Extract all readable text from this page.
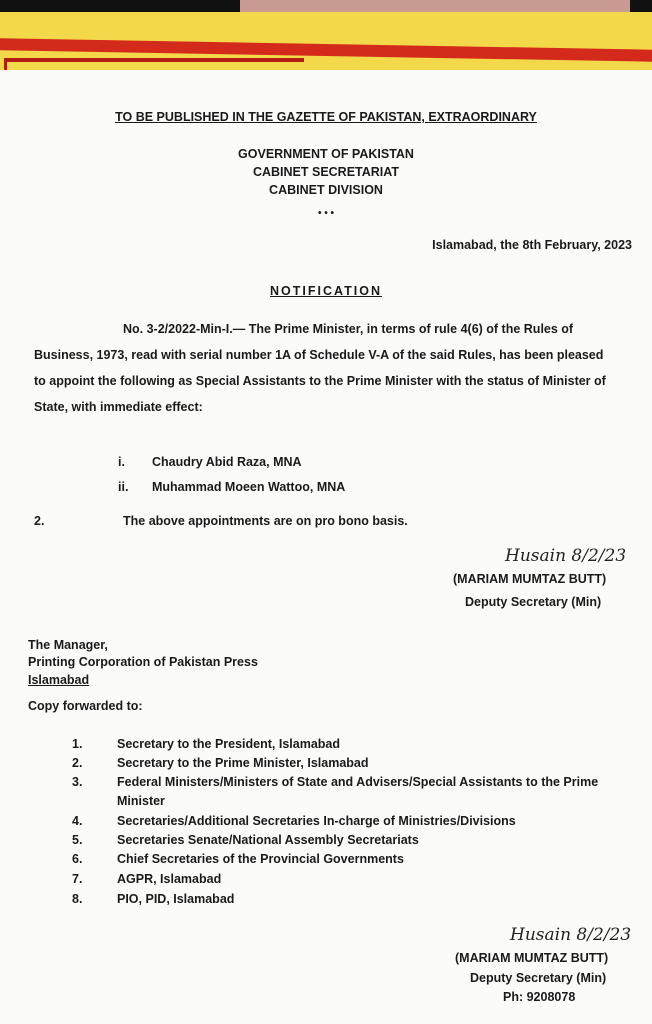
TO BE PUBLISHED IN THE GAZETTE OF PAKISTAN, EXTRAORDINARY
GOVERNMENT OF PAKISTAN
CABINET SECRETARIAT
CABINET DIVISION
• • •
Islamabad, the 8th February, 2023
NOTIFICATION
No. 3-2/2022-Min-I.— The Prime Minister, in terms of rule 4(6) of the Rules of
Business, 1973, read with serial number 1A of Schedule V-A of the said Rules, has been pleased
to appoint the following as Special Assistants to the Prime Minister with the status of Minister of
State, with immediate effect:
i. Chaudry Abid Raza, MNA
ii. Muhammad Moeen Wattoo, MNA
2.	The above appointments are on pro bono basis.
Husain 8/2/23
(MARIAM MUMTAZ BUTT)
Deputy Secretary (Min)
The Manager,
Printing Corporation of Pakistan Press
Islamabad
Copy forwarded to:
1.	Secretary to the President, Islamabad
2.	Secretary to the Prime Minister, Islamabad
3.	Federal Ministers/Ministers of State and Advisers/Special Assistants to the Prime
Minister
4.	Secretaries/Additional Secretaries In-charge of Ministries/Divisions
5.	Secretaries Senate/National Assembly Secretariats
6.	Chief Secretaries of the Provincial Governments
7.	AGPR, Islamabad
8.	PIO, PID, Islamabad
Husain 8/2/23
(MARIAM MUMTAZ BUTT)
Deputy Secretary (Min)
Ph: 9208078
